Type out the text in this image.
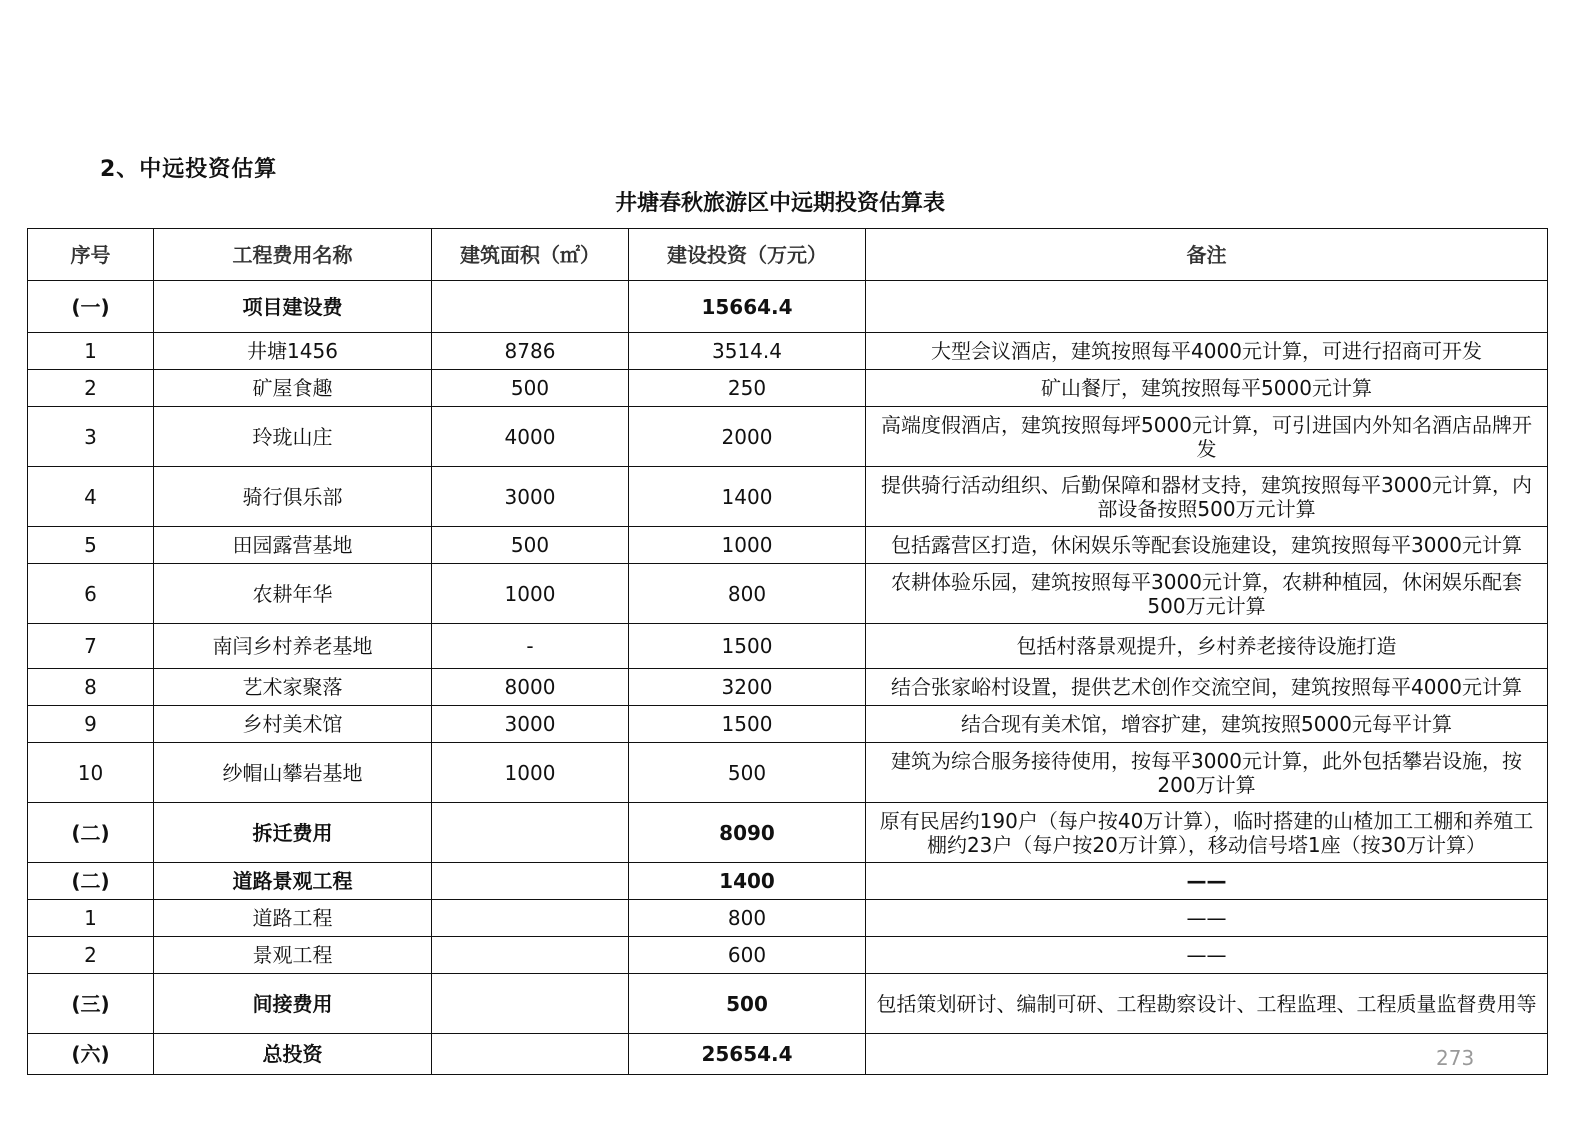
2、中远投资估算
井塘春秋旅游区中远期投资估算表
序号	工程费用名称	建筑面积（㎡）	建设投资（万元）	备注
(一)	项目建设费		15664.4	
1	井塘1456	8786	3514.4	大型会议酒店，建筑按照每平4000元计算，可进行招商可开发
2	矿屋食趣	500	250	矿山餐厅，建筑按照每平5000元计算
3	玲珑山庄	4000	2000	高端度假酒店，建筑按照每坪5000元计算，可引进国内外知名酒店品牌开发
4	骑行俱乐部	3000	1400	提供骑行活动组织、后勤保障和器材支持，建筑按照每平3000元计算，内部设备按照500万元计算
5	田园露营基地	500	1000	包括露营区打造，休闲娱乐等配套设施建设，建筑按照每平3000元计算
6	农耕年华	1000	800	农耕体验乐园，建筑按照每平3000元计算，农耕种植园，休闲娱乐配套500万元计算
7	南闫乡村养老基地	-	1500	包括村落景观提升，乡村养老接待设施打造
8	艺术家聚落	8000	3200	结合张家峪村设置，提供艺术创作交流空间，建筑按照每平4000元计算
9	乡村美术馆	3000	1500	结合现有美术馆，增容扩建，建筑按照5000元每平计算
10	纱帽山攀岩基地	1000	500	建筑为综合服务接待使用，按每平3000元计算，此外包括攀岩设施，按200万计算
(二)	拆迁费用		8090	原有民居约190户（每户按40万计算），临时搭建的山楂加工工棚和养殖工棚约23户（每户按20万计算），移动信号塔1座（按30万计算）
(二)	道路景观工程		1400	——
1	道路工程		800	——
2	景观工程		600	——
(三)	间接费用		500	包括策划研讨、编制可研、工程勘察设计、工程监理、工程质量监督费用等
(六)	总投资		25654.4		273
